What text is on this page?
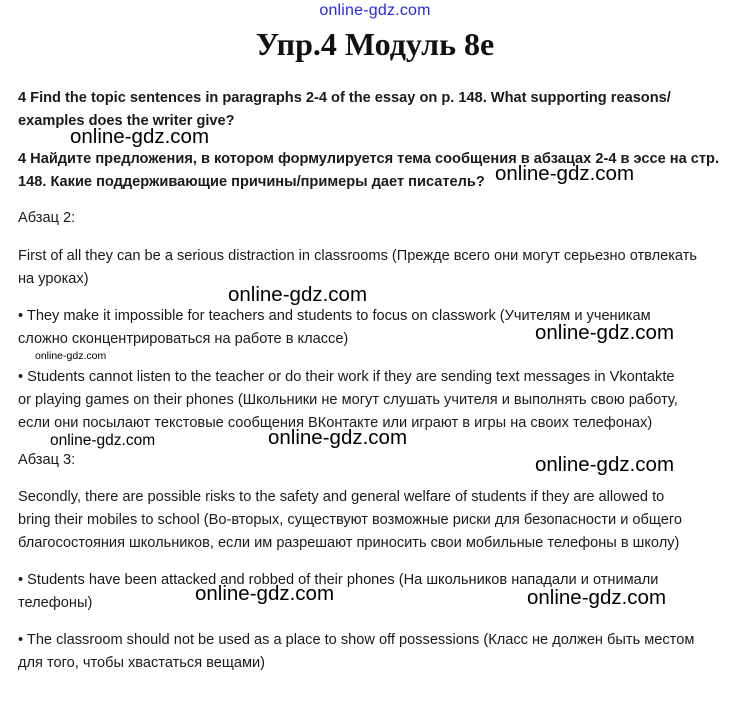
online-gdz.com
Упр.4 Модуль 8e
4 Find the topic sentences in paragraphs 2-4 of the essay on p. 148. What supporting reasons/
examples does the writer give?
4 Найдите предложения, в котором формулируется тема сообщения в абзацах 2-4 в эссе на стр.
148. Какие поддерживающие причины/примеры дает писатель?
Абзац 2:
First of all they can be a serious distraction in classrooms (Прежде всего они могут серьезно отвлекать
на уроках)
• They make it impossible for teachers and students to focus on classwork (Учителям и ученикам
сложно сконцентрироваться на работе в классе)
• Students cannot listen to the teacher or do their work if they are sending text messages in Vkontakte
or playing games on their phones (Школьники не могут слушать учителя и выполнять свою работу,
если они посылают текстовые сообщения ВКонтакте или играют в игры на своих телефонах)
Абзац 3:
Secondly, there are possible risks to the safety and general welfare of students if they are allowed to
bring their mobiles to school (Во-вторых, существуют возможные риски для безопасности и общего
благосостояния школьников, если им разрешают приносить свои мобильные телефоны в школу)
• Students have been attacked and robbed of their phones (На школьников нападали и отнимали
телефоны)
• The classroom should not be used as a place to show off possessions (Класс не должен быть местом
для того, чтобы хвастаться вещами)
online-gdz.com
online-gdz.com
online-gdz.com
online-gdz.com
online-gdz.com
online-gdz.com
online-gdz.com
online-gdz.com
online-gdz.com	online-gdz.com
